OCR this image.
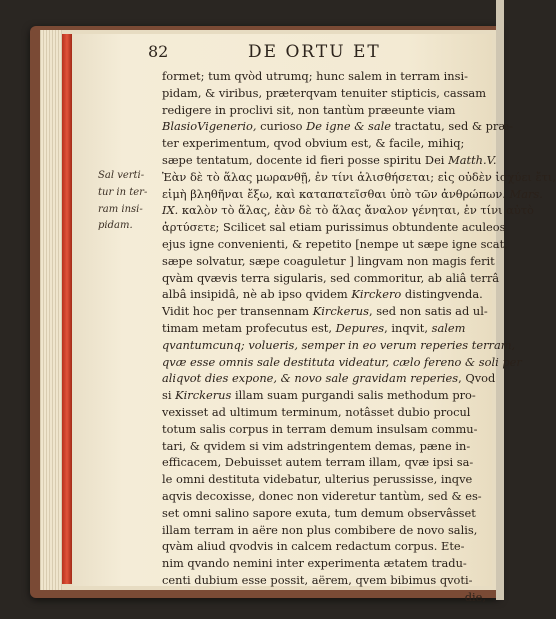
82	DE ORTU ET
Sal verti-
tur in ter-
ram insi-
pidam.
formet; tum qvòd utrumq; hunc salem in terram insi-
pidam, & viribus, præterqvam tenuiter stipticis, cassam
redigere in proclivi sit, non tantùm præeunte viam
BlasioVigenerio, curioso De igne & sale tractatu, sed & præ-
ter experimentum, qvod obvium est, & facile, mihiq;
sæpe tentatum, docente id fieri posse spiritu Dei Matth.V.
Ἐὰν δὲ τὸ ἅλας μωρανθῇ, ἐν τίνι ἁλισθήσεται; εἰς οὐδὲν ἰσχύει ἔτι,
εἰμὴ βληθῆναι ἔξω, καὶ καταπατεῖσθαι ὑπὸ τῶν ἀνθρώπων. Mars.
IX. καλὸν τὸ ἅλας, ἐὰν δὲ τὸ ἅλας ἄναλον γένηται, ἐν τίνι αὐτὸ
ἀρτύσετε; Scilicet sal etiam purissimus obtundente aculeos
ejus igne convenienti, & repetito [nempe ut sæpe igne scat,
sæpe solvatur, sæpe coaguletur ] lingvam non magis ferit
qvàm qvævis terra sigularis, sed commoritur, ab aliâ terrâ
albâ insipidâ, nè ab ipso qvidem Kirckero distingvenda.
Vidit hoc per transennam Kirckerus, sed non satis ad ul-
timam metam profecutus est, Depures, inqvit, salem
qvantumcunq; volueris, semper in eo verum reperies terram,
qvæ esse omnis sale destituta videatur, cælo fereno & soli per
aliqvot dies expone, & novo sale gravidam reperies, Qvod
si Kirckerus illam suam purgandi salis methodum pro-
vexisset ad ultimum terminum, notâsset dubio procul
totum salis corpus in terram demum insulsam commu-
tari, & qvidem si vim adstringentem demas, pæne in-
efficacem, Debuisset autem terram illam, qvæ ipsi sa-
le omni destituta videbatur, ulterius perussisse, inqve
aqvis decoxisse, donec non videretur tantùm, sed & es-
set omni salino sapore exuta, tum demum observâsset
illam terram in aëre non plus combibere de novo salis,
qvàm aliud qvodvis in calcem redactum corpus. Ete-
nim qvando nemini inter experimenta ætatem tradu-
centi dubium esse possit, aërem, qvem bibimus qvoti-
die,
